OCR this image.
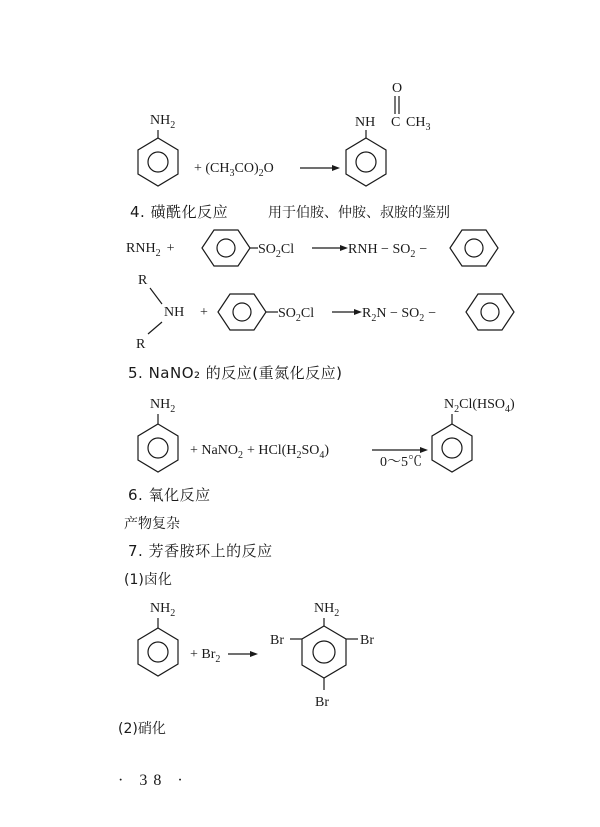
$NH_2$
+ $(CH_3CO)_2O$
O
NH C $CH_3$
4. 磺酰化反应	用于伯胺、仲胺、叔胺的鉴别
$RNH_2$ +	$SO_2Cl$	RNH − $SO_2$ −
R
NH
R
+	$SO_2Cl$	$R_2N - SO_2$ −
5. NaNO₂ 的反应(重氮化反应)
$NH_2$
+ NaNO$_2$ + $HCl(H_2SO_4)$
0～5℃
$N_2Cl(HSO_4)$
6. 氧化反应
产物复杂
7. 芳香胺环上的反应
(1)卤化
$NH_2$
+ $Br_2$
$NH_2$
Br	Br
Br
(2)硝化
· 38 ·
